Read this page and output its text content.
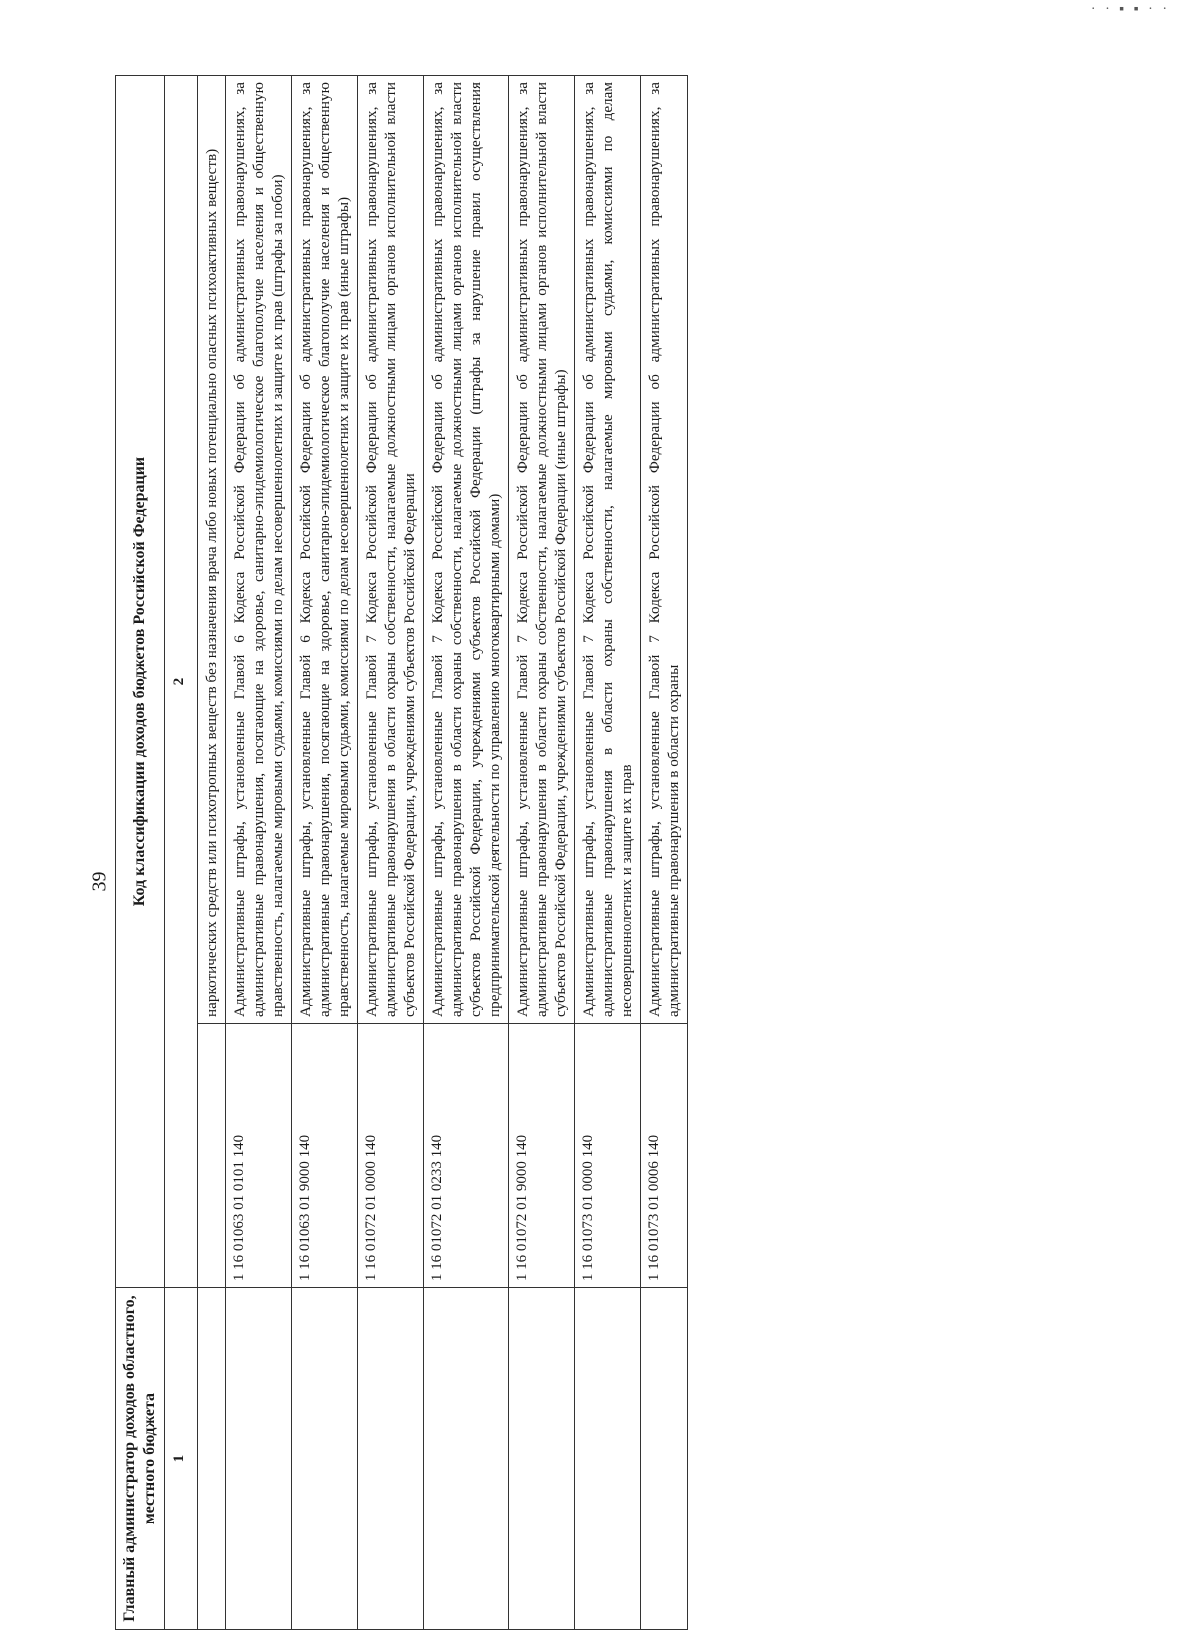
· · ▪ ▪ · ·
39
Главный администратор доходов областного, местного бюджета	Код классификации доходов бюджетов Российской Федерации	
1	2	
		наркотических средств или психотропных веществ без назначения врача либо новых потенциально опасных психоактивных веществ)
	1 16 01063 01 0101 140	Административные штрафы, установленные Главой 6 Кодекса Российской Федерации об административных правонарушениях, за административные правонарушения, посягающие на здоровье, санитарно-эпидемиологическое благополучие населения и общественную нравственность, налагаемые мировыми судьями, комиссиями по делам несовершеннолетних и защите их прав (штрафы за побои)
	1 16 01063 01 9000 140	Административные штрафы, установленные Главой 6 Кодекса Российской Федерации об административных правонарушениях, за административные правонарушения, посягающие на здоровье, санитарно-эпидемиологическое благополучие населения и общественную нравственность, налагаемые мировыми судьями, комиссиями по делам несовершеннолетних и защите их прав (иные штрафы)
	1 16 01072 01 0000 140	Административные штрафы, установленные Главой 7 Кодекса Российской Федерации об административных правонарушениях, за административные правонарушения в области охраны собственности, налагаемые должностными лицами органов исполнительной власти субъектов Российской Федерации, учреждениями субъектов Российской Федерации
	1 16 01072 01 0233 140	Административные штрафы, установленные Главой 7 Кодекса Российской Федерации об административных правонарушениях, за административные правонарушения в области охраны собственности, налагаемые должностными лицами органов исполнительной власти субъектов Российской Федерации, учреждениями субъектов Российской Федерации (штрафы за нарушение правил осуществления предпринимательской деятельности по управлению многоквартирными домами)
	1 16 01072 01 9000 140	Административные штрафы, установленные Главой 7 Кодекса Российской Федерации об административных правонарушениях, за административные правонарушения в области охраны собственности, налагаемые должностными лицами органов исполнительной власти субъектов Российской Федерации, учреждениями субъектов Российской Федерации (иные штрафы)
	1 16 01073 01 0000 140	Административные штрафы, установленные Главой 7 Кодекса Российской Федерации об административных правонарушениях, за административные правонарушения в области охраны собственности, налагаемые мировыми судьями, комиссиями по делам несовершеннолетних и защите их прав
	1 16 01073 01 0006 140	Административные штрафы, установленные Главой 7 Кодекса Российской Федерации об административных правонарушениях, за административные правонарушения в области охраны
